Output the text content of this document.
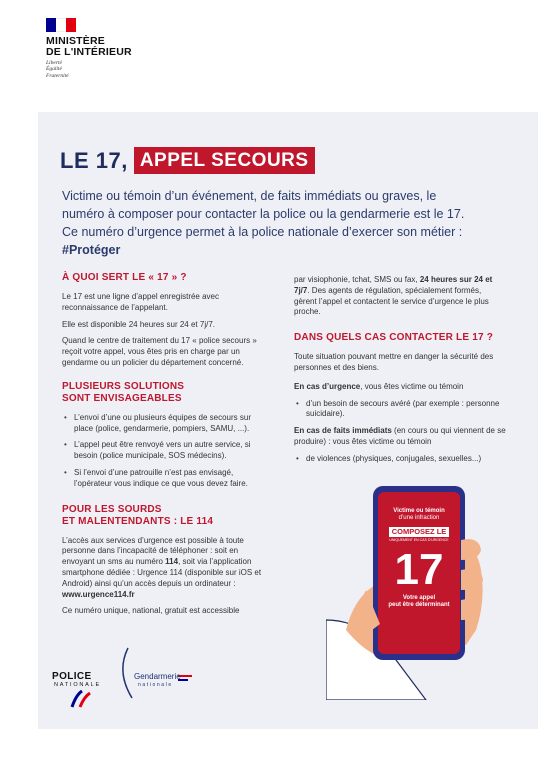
MINISTÈRE
DE L'INTÉRIEUR
Liberté
Égalité
Fraternité
LE 17, APPEL SECOURS
Victime ou témoin d’un événement, de faits immédiats ou graves, le numéro à composer pour contacter la police ou la gendarmerie est le 17. Ce numéro d’urgence permet à la police nationale d’exercer son métier : #Protéger
À QUOI SERT LE « 17 » ?

Le 17 est une ligne d’appel enregistrée avec reconnaissance de l’appelant.

Elle est disponible 24 heures sur 24 et 7j/7.

Quand le centre de traitement du 17 « police secours » reçoit votre appel, vous êtes pris en charge par un gendarme ou un policier du département concerné.

PLUSIEURS SOLUTIONS
SONT ENVISAGEABLES
• L’envoi d’une ou plusieurs équipes de secours sur place (police, gendarmerie, pompiers, SAMU, ...).
• L’appel peut être renvoyé vers un autre service, si besoin (police municipale, SOS médecins).
• Si l’envoi d’une patrouille n’est pas envisagé, l’opérateur vous indique ce que vous devez faire.
POUR LES SOURDS
ET MALENTENDANTS : LE 114

L’accès aux services d’urgence est possible à toute personne dans l’incapacité de téléphoner : soit en envoyant un sms au numéro 114, soit via l’application smartphone dédiée : Urgence 114 (disponible sur iOS et Android) ainsi qu’un accès depuis un ordinateur : www.urgence114.fr

Ce numéro unique, national, gratuit est accessible

par visiophonie, tchat, SMS ou fax, 24 heures sur 24 et 7j/7. Des agents de régulation, spécialement formés, gèrent l’appel et contactent le service d’urgence le plus proche.

DANS QUELS CAS CONTACTER LE 17 ?

Toute situation pouvant mettre en danger la sécurité des personnes et des biens.

En cas d’urgence, vous êtes victime ou témoin

• d’un besoin de secours avéré (par exemple : personne suicidaire).

En cas de faits immédiats (en cours ou qui viennent de se produire) : vous êtes victime ou témoin

• de violences (physiques, conjugales, sexuelles...)
Victime ou témoin
d’une infraction
COMPOSEZ LE
UNIQUEMENT EN CAS D’URGENCE
17
Votre appel
peut être déterminant
POLICE
NATIONALE
Gendarmerie
nationale
